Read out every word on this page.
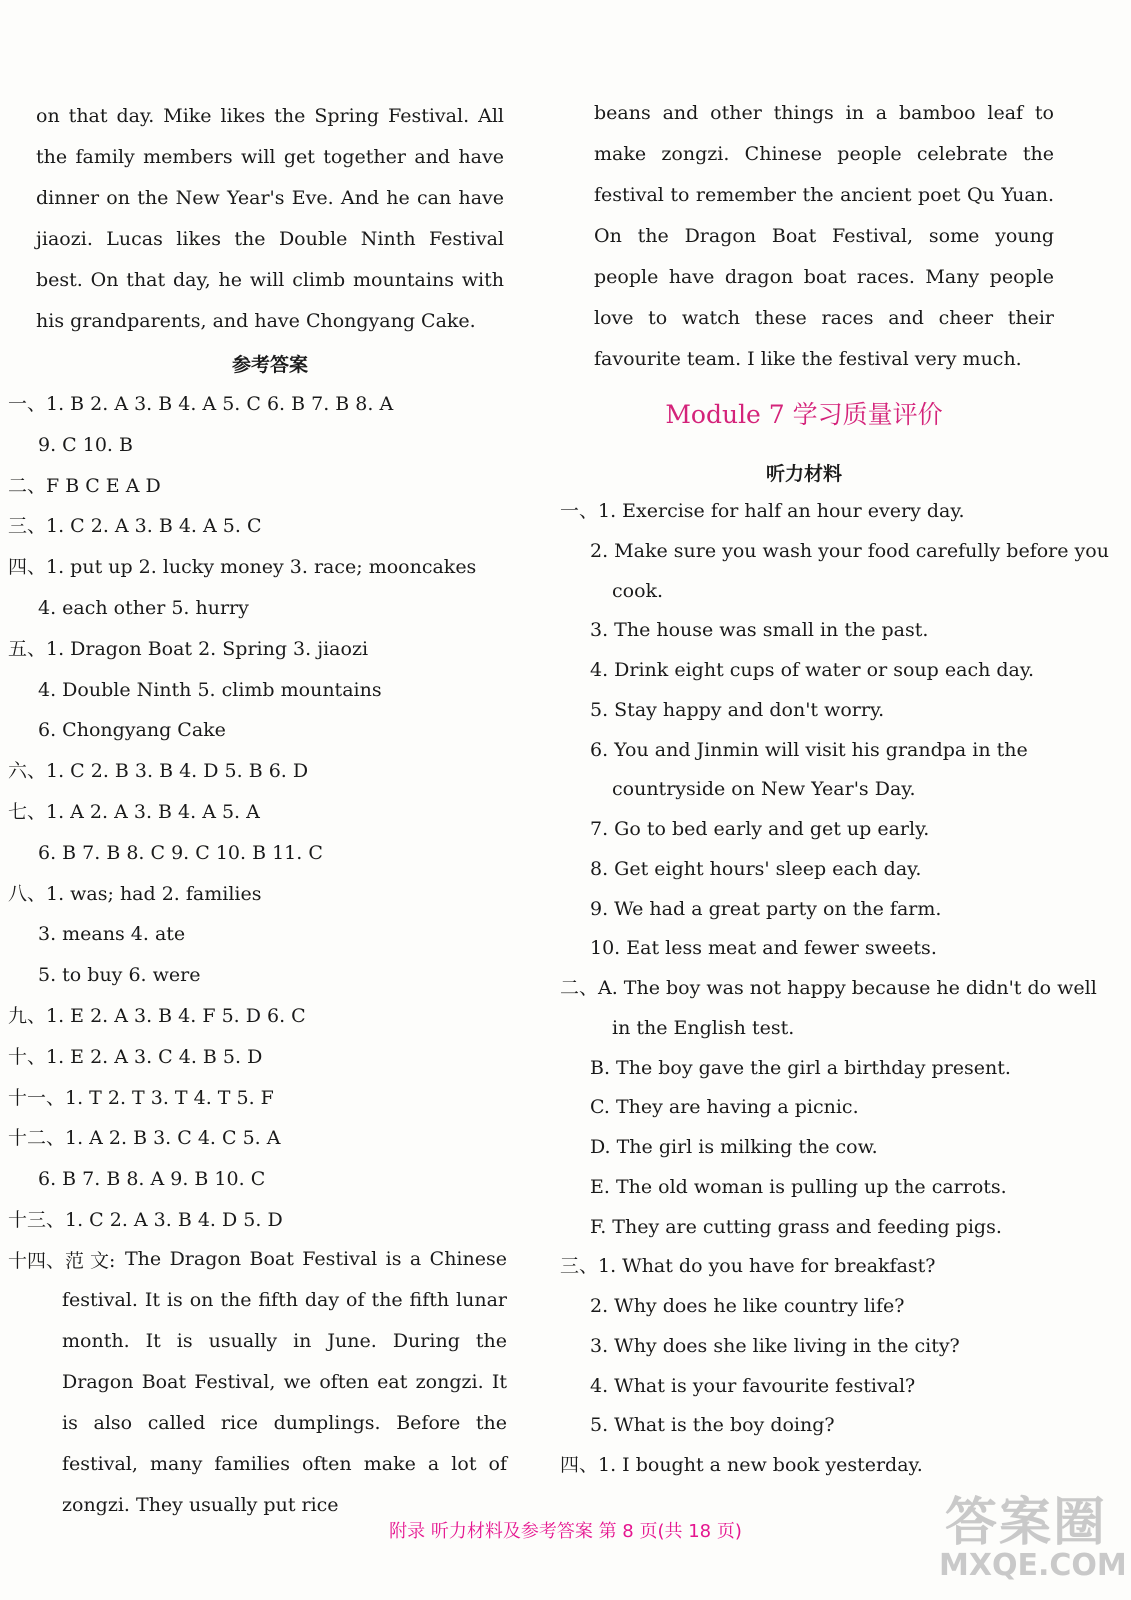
on that day. Mike likes the Spring Festival. All the family members will get together and have dinner on the New Year's Eve. And he can have jiaozi. Lucas likes the Double Ninth Festival best. On that day, he will climb mountains with his grandparents, and have Chongyang Cake.

参考答案
一、1. B 2. A 3. B 4. A 5. C 6. B 7. B 8. A
9. C 10. B
二、F B C E A D
三、1. C 2. A 3. B 4. A 5. C
四、1. put up 2. lucky money 3. race; mooncakes
4. each other 5. hurry
五、1. Dragon Boat 2. Spring 3. jiaozi
4. Double Ninth 5. climb mountains
6. Chongyang Cake
六、1. C 2. B 3. B 4. D 5. B 6. D
七、1. A 2. A 3. B 4. A 5. A
6. B 7. B 8. C 9. C 10. B 11. C
八、1. was; had 2. families
3. means 4. ate
5. to buy 6. were
九、1. E 2. A 3. B 4. F 5. D 6. C
十、1. E 2. A 3. C 4. B 5. D
十一、1. T 2. T 3. T 4. T 5. F
十二、1. A 2. B 3. C 4. C 5. A
6. B 7. B 8. A 9. B 10. C
十三、1. C 2. A 3. B 4. D 5. D
十四、范 文: The Dragon Boat Festival is a Chinese festival. It is on the fifth day of the fifth lunar month. It is usually in June. During the Dragon Boat Festival, we often eat zongzi. It is also called rice dumplings. Before the festival, many families often make a lot of zongzi. They usually put rice

beans and other things in a bamboo leaf to make zongzi. Chinese people celebrate the festival to remember the ancient poet Qu Yuan. On the Dragon Boat Festival, some young people have dragon boat races. Many people love to watch these races and cheer their favourite team. I like the festival very much.

Module 7 学习质量评价
听力材料
一、1. Exercise for half an hour every day.
2. Make sure you wash your food carefully before you
cook.
3. The house was small in the past.
4. Drink eight cups of water or soup each day.
5. Stay happy and don't worry.
6. You and Jinmin will visit his grandpa in the
countryside on New Year's Day.
7. Go to bed early and get up early.
8. Get eight hours' sleep each day.
9. We had a great party on the farm.
10. Eat less meat and fewer sweets.
二、A. The boy was not happy because he didn't do well
in the English test.
B. The boy gave the girl a birthday present.
C. They are having a picnic.
D. The girl is milking the cow.
E. The old woman is pulling up the carrots.
F. They are cutting grass and feeding pigs.
三、1. What do you have for breakfast?
2. Why does he like country life?
3. Why does she like living in the city?
4. What is your favourite festival?
5. What is the boy doing?
四、1. I bought a new book yesterday.
附录 听力材料及参考答案 第 8 页(共 18 页)	答案圈
MXQE.COM
